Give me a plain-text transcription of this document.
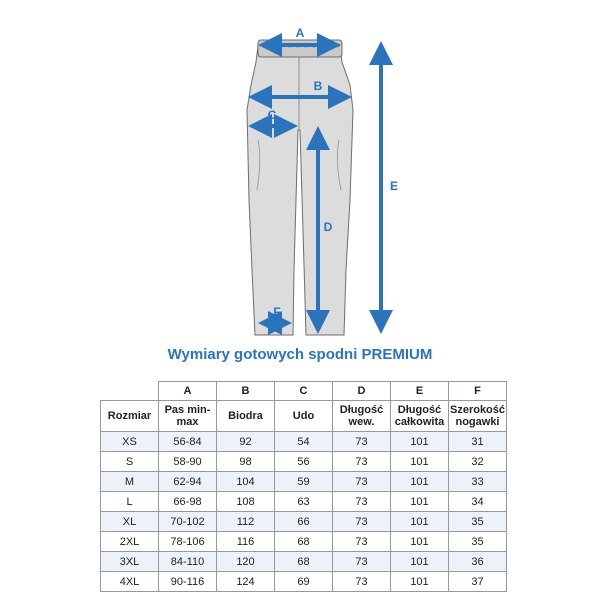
A
B
C
D
E
F
Wymiary gotowych spodni PREMIUM
	A	B	C	D	E	F
Rozmiar	Pas min-max	Biodra	Udo	Długość wew.	Długość całkowita	Szerokość nogawki
XS	56-84	92	54	73	101	31
S	58-90	98	56	73	101	32
M	62-94	104	59	73	101	33
L	66-98	108	63	73	101	34
XL	70-102	112	66	73	101	35
2XL	78-106	116	68	73	101	35
3XL	84-110	120	68	73	101	36
4XL	90-116	124	69	73	101	37
